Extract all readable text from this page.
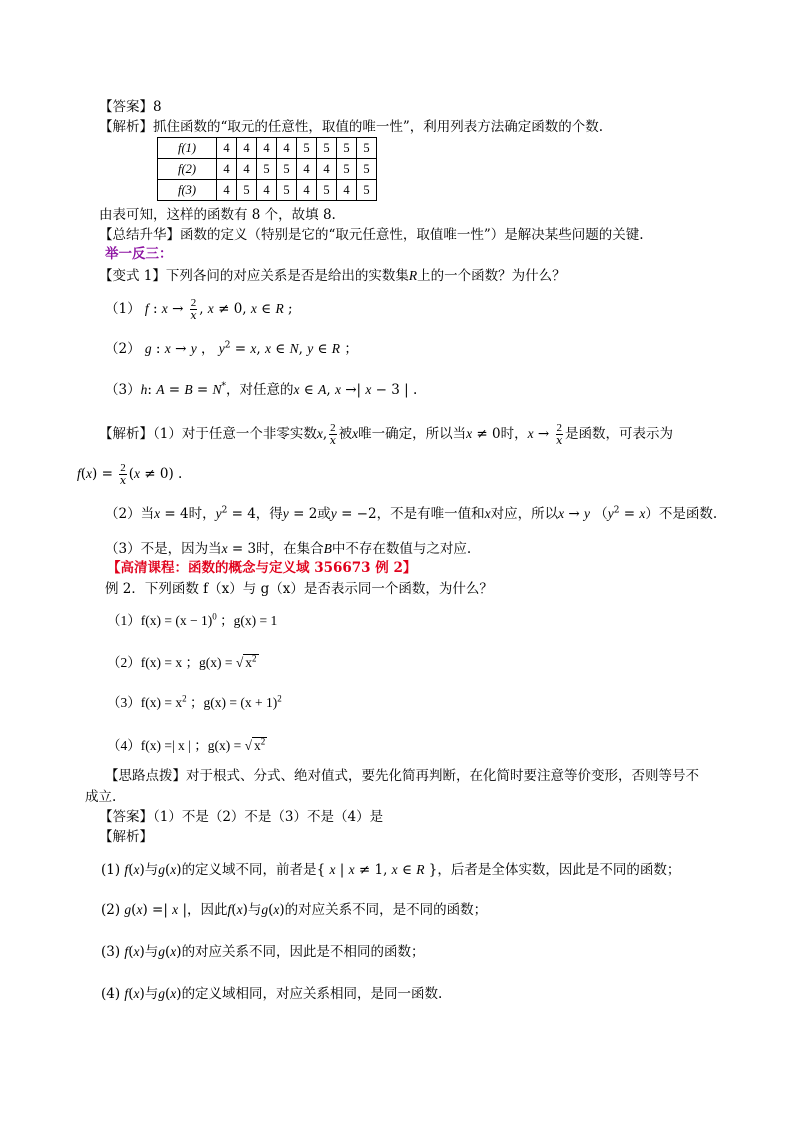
【答案】8
【解析】抓住函数的“取元的任意性，取值的唯一性”，利用列表方法确定函数的个数.
f(1)	4	4	4	4	5	5	5	5
f(2)	4	4	5	5	4	4	5	5
f(3)	4	5	4	5	4	5	4	5
由表可知，这样的函数有 8 个，故填 8.
【总结升华】函数的定义（特别是它的“取元任意性，取值唯一性”）是解决某些问题的关键.
举一反三：
【变式 1】下列各问的对应关系是否是给出的实数集R上的一个函数？为什么？
（1） f : $x \to \frac{2}{x}$ , x ≠ 0, x ∈ R ;
（2） g : x → y ， $y^2 = x$, x ∈ N, y ∈ R ；
（3）h: A = B = N*，对任意的x ∈ A, x →| x − 3 | .
【解析】（1）对于任意一个非零实数x, $\frac{2}{x}$ 被x唯一确定，所以当x ≠ 0时，$x \to \frac{2}{x}$ 是函数，可表示为
$f(x) = \frac{2}{x} (x \ne 0)$ .
（2）当x = 4时，$y^2 = 4$，得y = 2或y = −2，不是有唯一值和x对应，所以x → y $(y^2 = x)$不是函数.
（3）不是，因为当x = 3时，在集合B中不存在数值与之对应.
【高清课程：函数的概念与定义域 356673 例 2】
例 2．下列函数 f（x）与 g（x）是否表示同一个函数，为什么？
$(1)f(x) = (x - 1)^0$ ；g(x) = 1
（2）f(x) = x ；g(x) = √ $x^2$
$(3)f(x) = x^2$ ；$g(x) = (x + 1)^2$
（4）f(x) =| x | ；g(x) = √ $x^2$
【思路点拨】对于根式、分式、绝对值式，要先化简再判断，在化简时要注意等价变形，否则等号不
成立.
【答案】（1）不是（2）不是（3）不是（4）是
【解析】
(1) f(x)与g(x)的定义域不同，前者是{ x | x ≠ 1, x ∈ R }，后者是全体实数，因此是不同的函数；
(2) g(x) =| x |，因此f(x)与g(x)的对应关系不同，是不同的函数；
(3) f(x)与g(x)的对应关系不同，因此是不相同的函数；
(4) f(x)与g(x)的定义域相同，对应关系相同，是同一函数.
